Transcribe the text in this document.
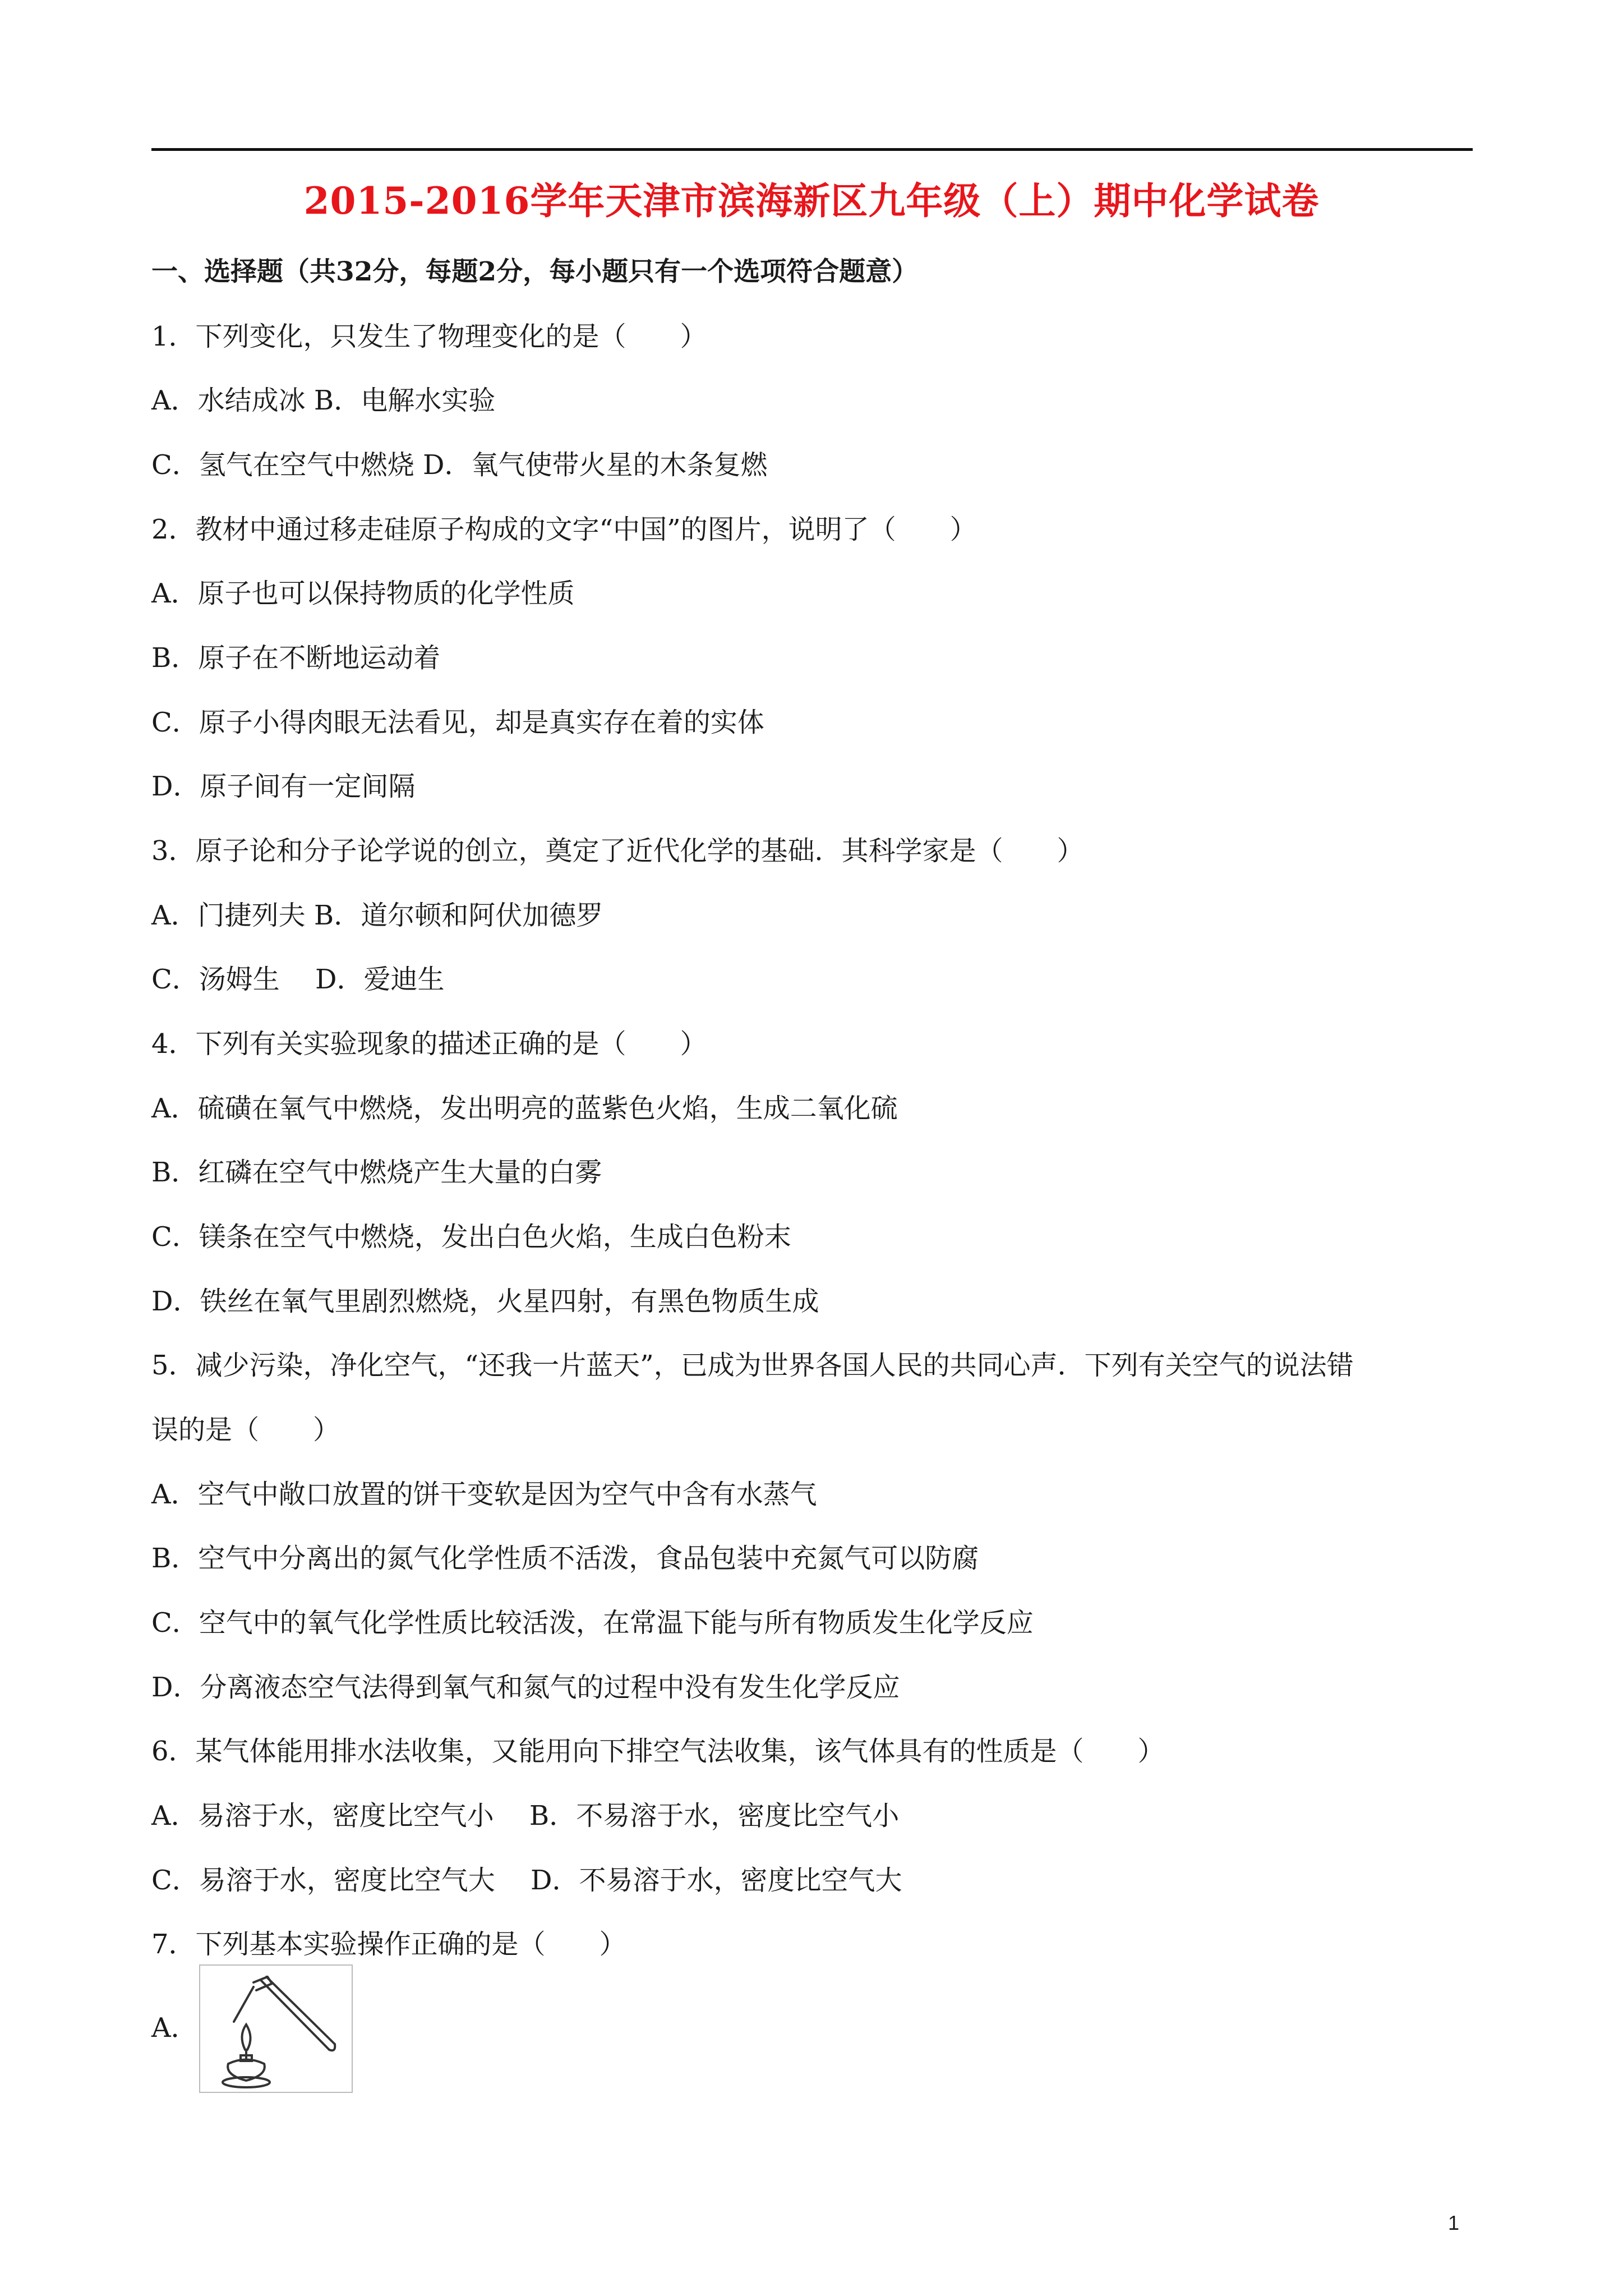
2015-2016学年天津市滨海新区九年级（上）期中化学试卷
一、选择题（共32分，每题2分，每小题只有一个选项符合题意）
1．下列变化，只发生了物理变化的是（　　）
A．水结成冰 B．电解水实验
C．氢气在空气中燃烧 D．氧气使带火星的木条复燃
2．教材中通过移走硅原子构成的文字“中国”的图片，说明了（　　）
A．原子也可以保持物质的化学性质
B．原子在不断地运动着
C．原子小得肉眼无法看见，却是真实存在着的实体
D．原子间有一定间隔
3．原子论和分子论学说的创立，奠定了近代化学的基础．其科学家是（　　）
A．门捷列夫 B．道尔顿和阿伏加德罗
C．汤姆生　 D．爱迪生
4．下列有关实验现象的描述正确的是（　　）
A．硫磺在氧气中燃烧，发出明亮的蓝紫色火焰，生成二氧化硫
B．红磷在空气中燃烧产生大量的白雾
C．镁条在空气中燃烧，发出白色火焰，生成白色粉末
D．铁丝在氧气里剧烈燃烧，火星四射，有黑色物质生成
5．减少污染，净化空气，“还我一片蓝天”，已成为世界各国人民的共同心声．下列有关空气的说法错
误的是（　　）
A．空气中敞口放置的饼干变软是因为空气中含有水蒸气
B．空气中分离出的氮气化学性质不活泼，食品包装中充氮气可以防腐
C．空气中的氧气化学性质比较活泼，在常温下能与所有物质发生化学反应
D．分离液态空气法得到氧气和氮气的过程中没有发生化学反应
6．某气体能用排水法收集，又能用向下排空气法收集，该气体具有的性质是（　　）
A．易溶于水，密度比空气小　 B．不易溶于水，密度比空气小
C．易溶于水，密度比空气大　 D．不易溶于水，密度比空气大
7．下列基本实验操作正确的是（　　）
A．
1
